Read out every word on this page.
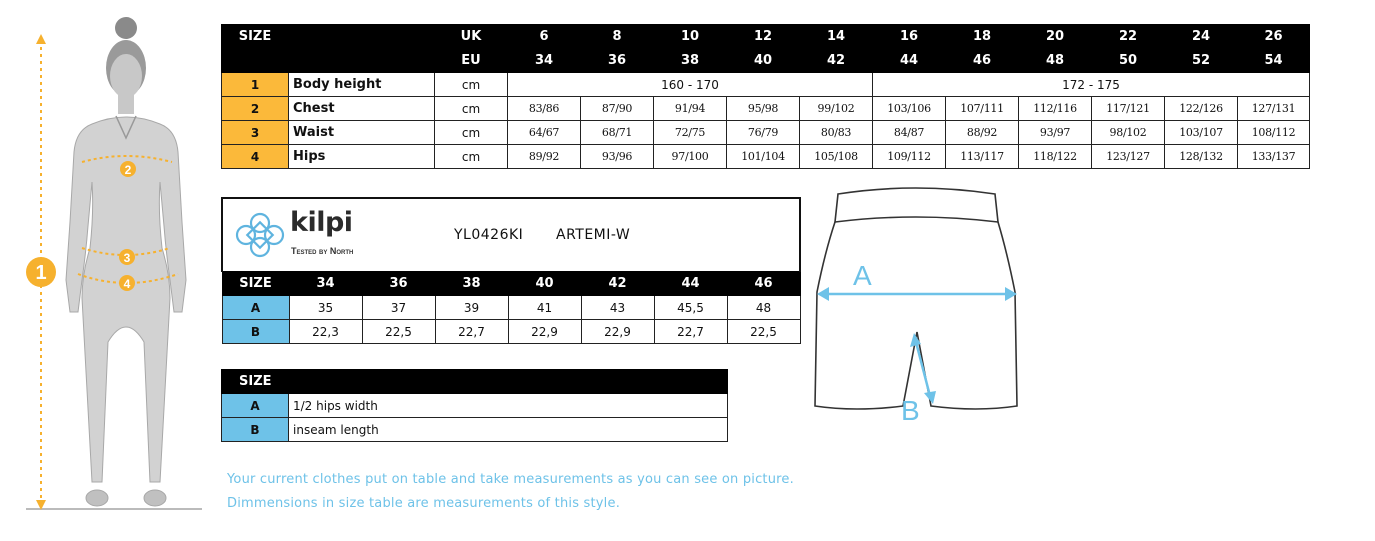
1
2
3
4
SIZE		UK	6	8	10	12	14	16	18	20	22	24	26
		EU	34	36	38	40	42	44	46	48	50	52	54
1	Body height	cm	160 - 170					172 - 175					
2	Chest	cm	83/86	87/90	91/94	95/98	99/102	103/106	107/111	112/116	117/121	122/126	127/131
3	Waist	cm	64/67	68/71	72/75	76/79	80/83	84/87	88/92	93/97	98/102	103/107	108/112
4	Hips	cm	89/92	93/96	97/100	101/104	105/108	109/112	113/117	118/122	123/127	128/132	133/137
kilpi
Tested by North
YL0426KI ARTEMI-W							

SIZE	34	36	38	40	42	44	46
A	35	37	39	41	43	45,5	48
B	22,3	22,5	22,7	22,9	22,9	22,7	22,5
SIZE	
A	1/2 hips width
B	inseam length
A
B
Your current clothes put on table and take measurements as you can see on picture.
Dimmensions in size table are measurements of this style.
